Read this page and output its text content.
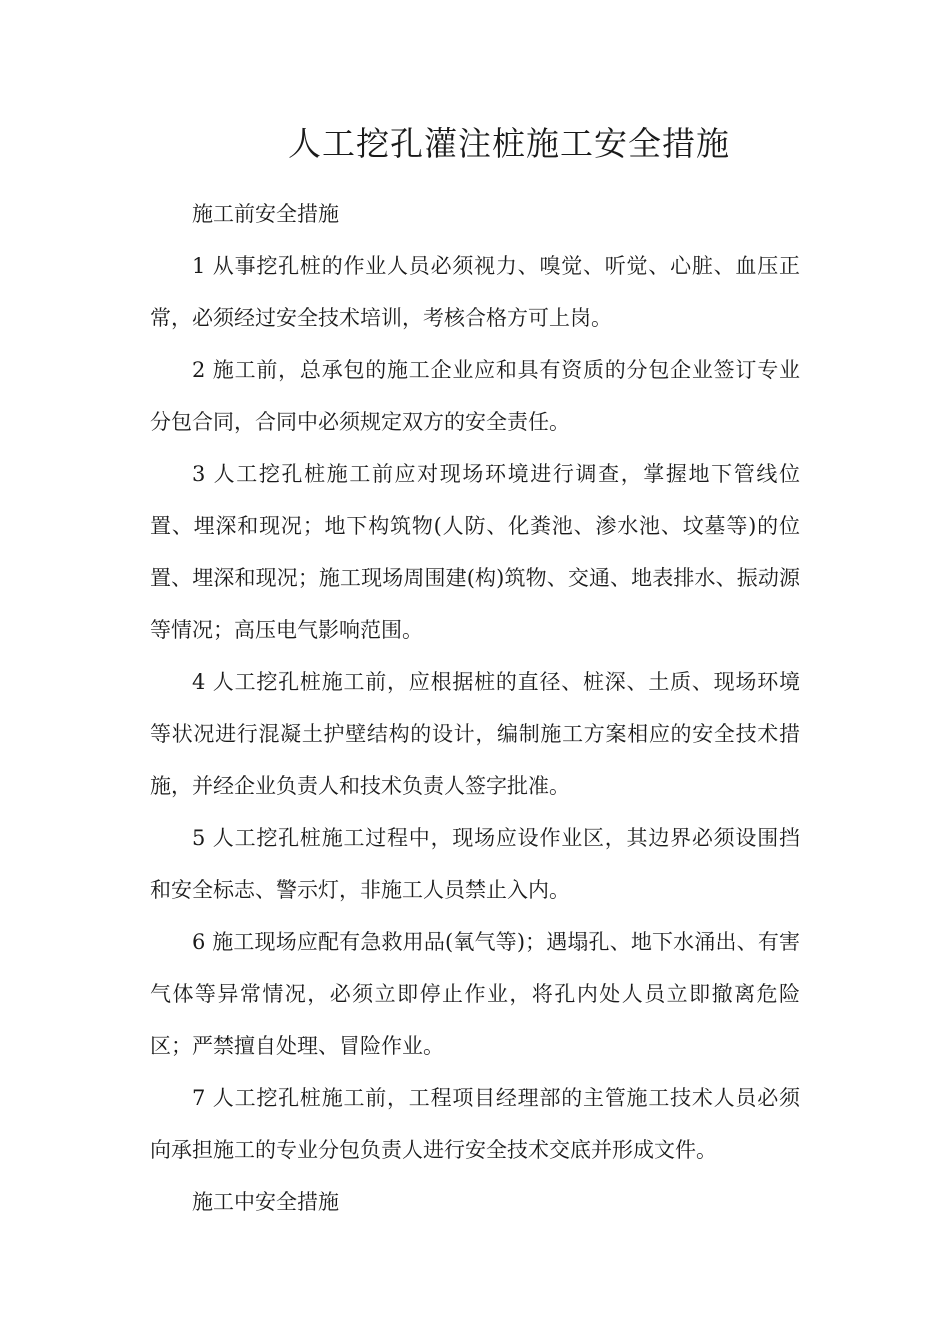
人工挖孔灌注桩施工安全措施

施工前安全措施

1 从事挖孔桩的作业人员必须视力、嗅觉、听觉、心脏、血压正常，必须经过安全技术培训，考核合格方可上岗。

2 施工前，总承包的施工企业应和具有资质的分包企业签订专业分包合同，合同中必须规定双方的安全责任。

3 人工挖孔桩施工前应对现场环境进行调查，掌握地下管线位置、埋深和现况；地下构筑物(人防、化粪池、渗水池、坟墓等)的位置、埋深和现况；施工现场周围建(构)筑物、交通、地表排水、振动源等情况；高压电气影响范围。

4 人工挖孔桩施工前，应根据桩的直径、桩深、土质、现场环境等状况进行混凝土护壁结构的设计，编制施工方案相应的安全技术措施，并经企业负责人和技术负责人签字批准。

5 人工挖孔桩施工过程中，现场应设作业区，其边界必须设围挡和安全标志、警示灯，非施工人员禁止入内。

6 施工现场应配有急救用品(氧气等)；遇塌孔、地下水涌出、有害气体等异常情况，必须立即停止作业，将孔内处人员立即撤离危险区；严禁擅自处理、冒险作业。

7 人工挖孔桩施工前，工程项目经理部的主管施工技术人员必须向承担施工的专业分包负责人进行安全技术交底并形成文件。

施工中安全措施
